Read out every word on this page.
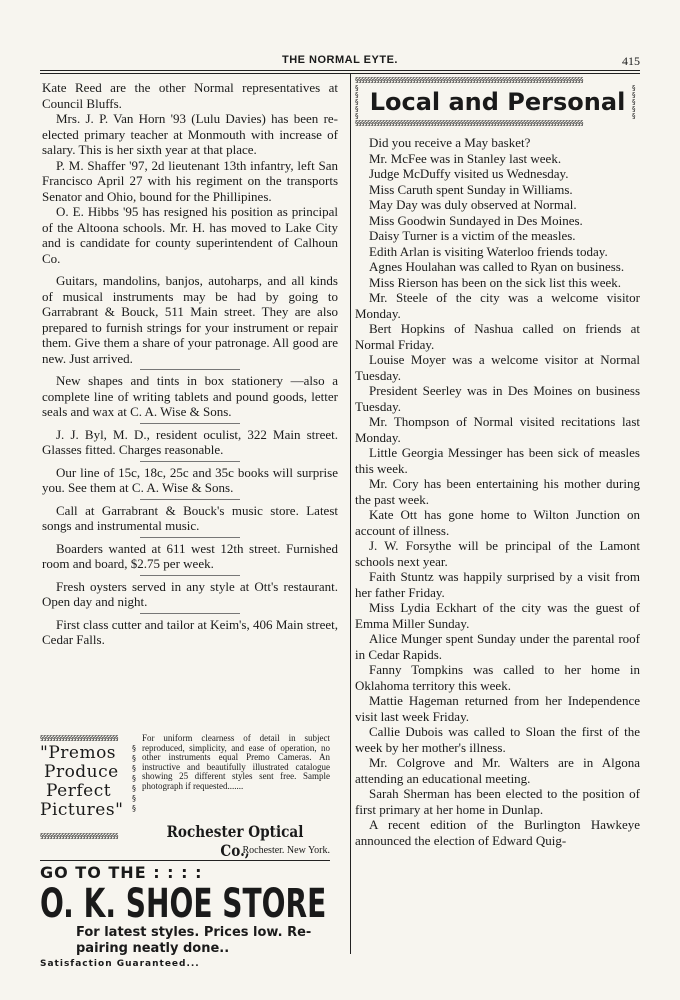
THE NORMAL EYTE.	415

Kate Reed are the other Normal representatives at Council Bluffs.

Mrs. J. P. Van Horn '93 (Lulu Davies) has been re-elected primary teacher at Monmouth with increase of salary. This is her sixth year at that place.

P. M. Shaffer '97, 2d lieutenant 13th infantry, left San Francisco April 27 with his regiment on the transports Senator and Ohio, bound for the Phillipines.

O. E. Hibbs '95 has resigned his position as principal of the Altoona schools. Mr. H. has moved to Lake City and is candidate for county superintendent of Calhoun Co.

Guitars, mandolins, banjos, autoharps, and all kinds of musical instruments may be had by going to Garrabrant & Bouck, 511 Main street. They are also prepared to furnish strings for your instrument or repair them. Give them a share of your patronage. All good are new. Just arrived.

New shapes and tints in box stationery —also a complete line of writing tablets and pound goods, letter seals and wax at C. A. Wise & Sons.

J. J. Byl, M. D., resident oculist, 322 Main street. Glasses fitted. Charges reasonable.

Our line of 15c, 18c, 25c and 35c books will surprise you. See them at C. A. Wise & Sons.

Call at Garrabrant & Bouck's music store. Latest songs and instrumental music.

Boarders wanted at 611 west 12th street. Furnished room and board, $2.75 per week.

Fresh oysters served in any style at Ott's restaurant. Open day and night.

First class cutter and tailor at Keim's, 406 Main street, Cedar Falls.

§§§§§§§§§§§§§§§§§§§§§§§§§§
"Premos
Produce
Perfect
Pictures"
§
§
§
§
§
§
§
For uniform clearness of detail in subject reproduced, simplicity, and ease of operation, no other instruments equal Premo Cameras. An instructive and beautifully illustrated catalogue showing 25 different styles sent free. Sample photograph if requested.......
§§§§§§§§§§§§§§§§§§§§§§§§§§	Rochester Optical Co.,
Rochester. New York.
GO TO THE : : : :
O. K. SHOE STORE
For latest styles. Prices low. Re-
pairing neatly done..
Satisfaction Guaranteed...
§§§§§§§§§§§§§§§§§§§§§§§§§§§§§§§§§§§§§§§§§§§§§§§§§§§§§§§§§§§§§§§§§§§§§§§§§§§§
§
§
§
§
§
§
§
§
§
§
Local and Personal
§§§§§§§§§§§§§§§§§§§§§§§§§§§§§§§§§§§§§§§§§§§§§§§§§§§§§§§§§§§§§§§§§§§§§§§§§§§§

Did you receive a May basket?

Mr. McFee was in Stanley last week.

Judge McDuffy visited us Wednesday.

Miss Caruth spent Sunday in Williams.

May Day was duly observed at Normal.

Miss Goodwin Sundayed in Des Moines.

Daisy Turner is a victim of the measles.

Edith Arlan is visiting Waterloo friends today.

Agnes Houlahan was called to Ryan on business.

Miss Rierson has been on the sick list this week.

Mr. Steele of the city was a welcome visitor Monday.

Bert Hopkins of Nashua called on friends at Normal Friday.

Louise Moyer was a welcome visitor at Normal Tuesday.

President Seerley was in Des Moines on business Tuesday.

Mr. Thompson of Normal visited recitations last Monday.

Little Georgia Messinger has been sick of measles this week.

Mr. Cory has been entertaining his mother during the past week.

Kate Ott has gone home to Wilton Junction on account of illness.

J. W. Forsythe will be principal of the Lamont schools next year.

Faith Stuntz was happily surprised by a visit from her father Friday.

Miss Lydia Eckhart of the city was the guest of Emma Miller Sunday.

Alice Munger spent Sunday under the parental roof in Cedar Rapids.

Fanny Tompkins was called to her home in Oklahoma territory this week.

Mattie Hageman returned from her Independence visit last week Friday.

Callie Dubois was called to Sloan the first of the week by her mother's illness.

Mr. Colgrove and Mr. Walters are in Algona attending an educational meeting.

Sarah Sherman has been elected to the position of first primary at her home in Dunlap.

A recent edition of the Burlington Hawkeye announced the election of Edward Quig-
